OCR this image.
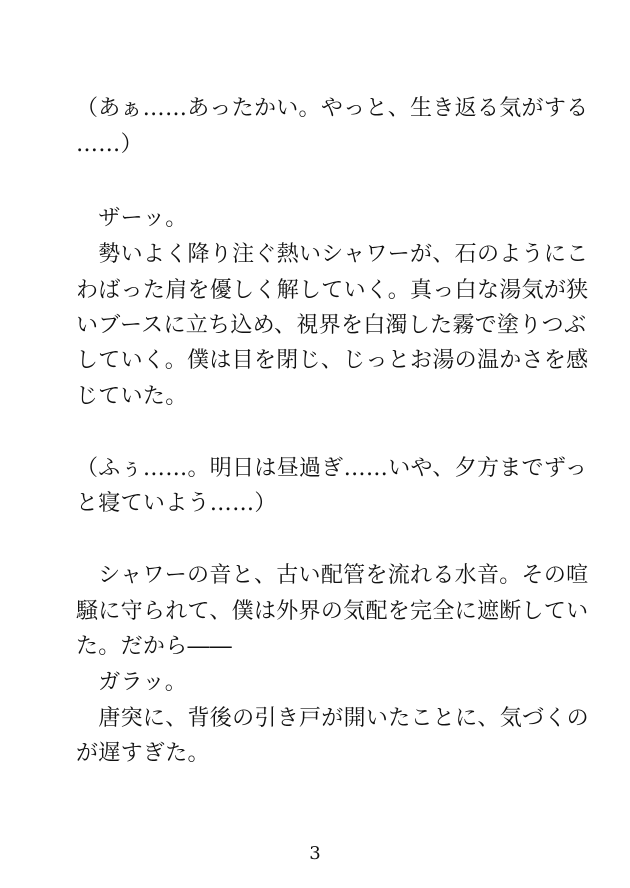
（あぁ……あったかい。やっと、生き返る気がする
……）
　ザーッ。
　勢いよく降り注ぐ熱いシャワーが、石のようにこ
わばった肩を優しく解していく。真っ白な湯気が狭
いブースに立ち込め、視界を白濁した霧で塗りつぶ
していく。僕は目を閉じ、じっとお湯の温かさを感
じていた。
（ふぅ……。明日は昼過ぎ……いや、夕方までずっ
と寝ていよう……）
　シャワーの音と、古い配管を流れる水音。その喧
騒に守られて、僕は外界の気配を完全に遮断してい
た。だから――
　ガラッ。
　唐突に、背後の引き戸が開いたことに、気づくの
が遅すぎた。
3
